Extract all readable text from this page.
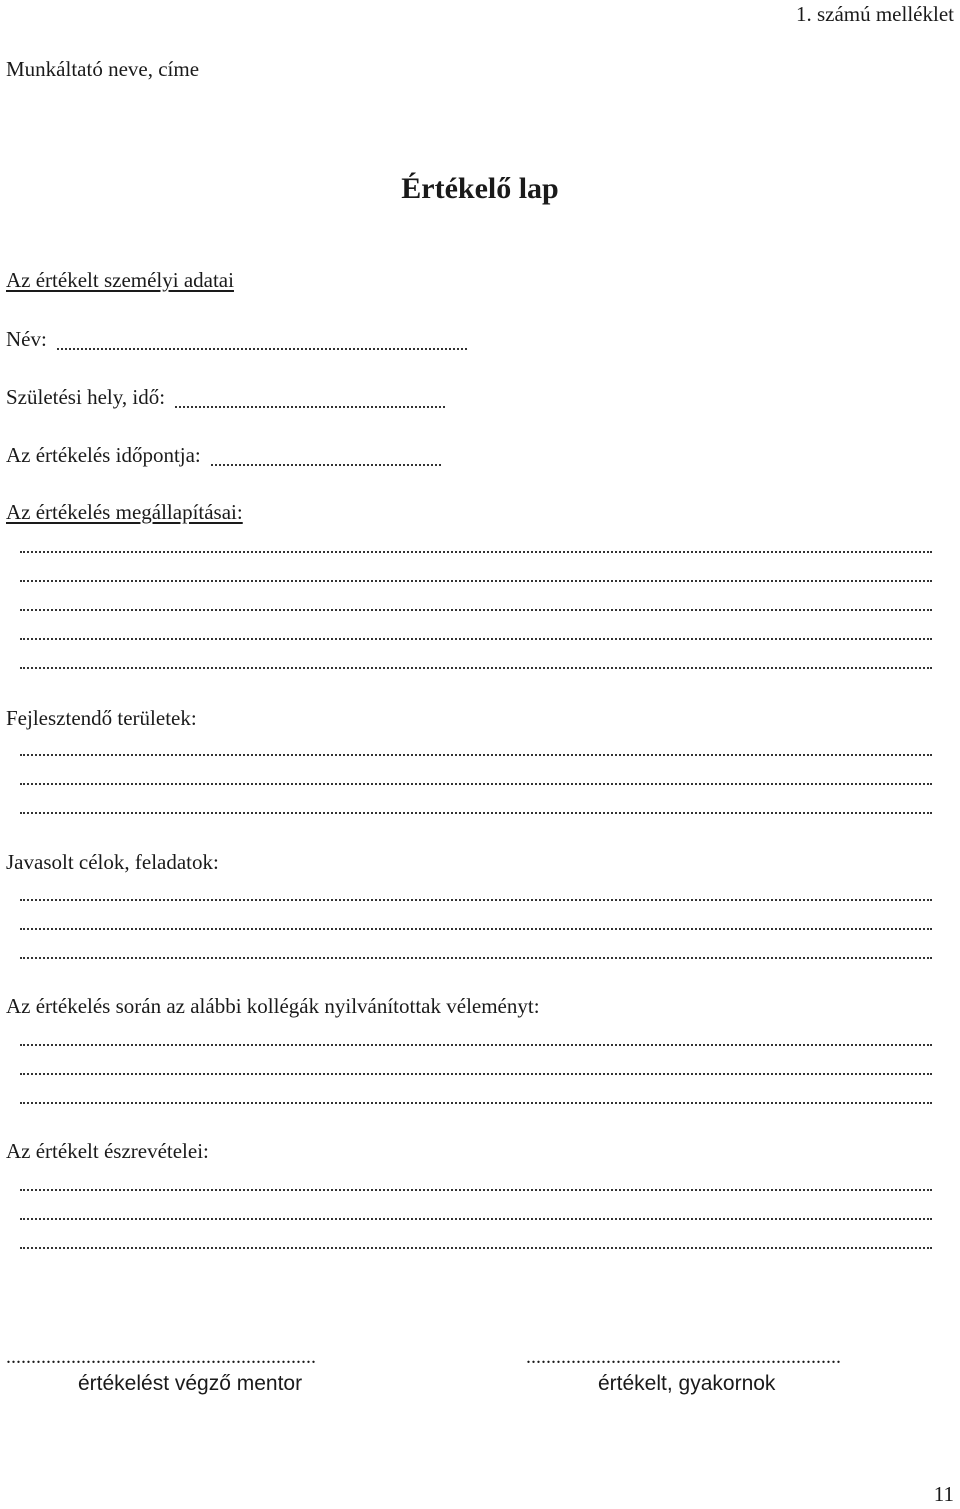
1. számú melléklet
Munkáltató neve, címe
Értékelő lap
Az értékelt személyi adatai
Név:
Születési hely, idő:
Az értékelés időpontja:
Az értékelés megállapításai:
Fejlesztendő területek:
Javasolt célok, feladatok:
Az értékelés során az alábbi kollégák nyilvánítottak véleményt:
Az értékelt észrevételei:
..............................................................	...............................................................
értékelést végző mentor	értékelt, gyakornok
11
